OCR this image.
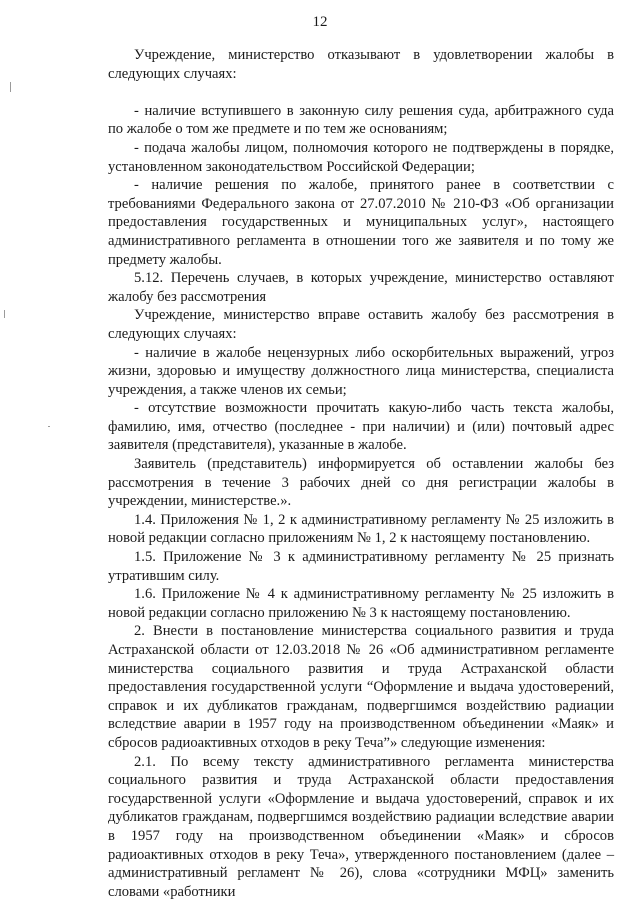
12

Учреждение, министерство отказывают в удовлетворении жалобы в следующих случаях:

- наличие вступившего в законную силу решения суда, арбитражного суда по жалобе о том же предмете и по тем же основаниям;

- подача жалобы лицом, полномочия которого не подтверждены в порядке, установленном законодательством Российской Федерации;

- наличие решения по жалобе, принятого ранее в соответствии с требованиями Федерального закона от 27.07.2010 № 210-ФЗ «Об организации предоставления государственных и муниципальных услуг», настоящего административного регламента в отношении того же заявителя и по тому же предмету жалобы.

5.12. Перечень случаев, в которых учреждение, министерство оставляют жалобу без рассмотрения

Учреждение, министерство вправе оставить жалобу без рассмотрения в следующих случаях:

- наличие в жалобе нецензурных либо оскорбительных выражений, угроз жизни, здоровью и имуществу должностного лица министерства, специалиста учреждения, а также членов их семьи;

- отсутствие возможности прочитать какую-либо часть текста жалобы, фамилию, имя, отчество (последнее - при наличии) и (или) почтовый адрес заявителя (представителя), указанные в жалобе.

Заявитель (представитель) информируется об оставлении жалобы без рассмотрения в течение 3 рабочих дней со дня регистрации жалобы в учреждении, министерстве.».

1.4. Приложения № 1, 2 к административному регламенту № 25 изложить в новой редакции согласно приложениям № 1, 2 к настоящему постановлению.

1.5. Приложение № 3 к административному регламенту № 25 признать утратившим силу.

1.6. Приложение № 4 к административному регламенту № 25 изложить в новой редакции согласно приложению № 3 к настоящему постановлению.

2. Внести в постановление министерства социального развития и труда Астраханской области от 12.03.2018 № 26 «Об административном регламенте министерства социального развития и труда Астраханской области предоставления государственной услуги “Оформление и выдача удостоверений, справок и их дубликатов гражданам, подвергшимся воздействию радиации вследствие аварии в 1957 году на производственном объединении «Маяк» и сбросов радиоактивных отходов в реку Теча”» следующие изменения:

2.1. По всему тексту административного регламента министерства социального развития и труда Астраханской области предоставления государственной услуги «Оформление и выдача удостоверений, справок и их дубликатов гражданам, подвергшимся воздействию радиации вследствие аварии в 1957 году на производственном объединении «Маяк» и сбросов радиоактивных отходов в реку Теча», утвержденного постановлением (далее – административный регламент № 26), слова «сотрудники МФЦ» заменить словами «работники
